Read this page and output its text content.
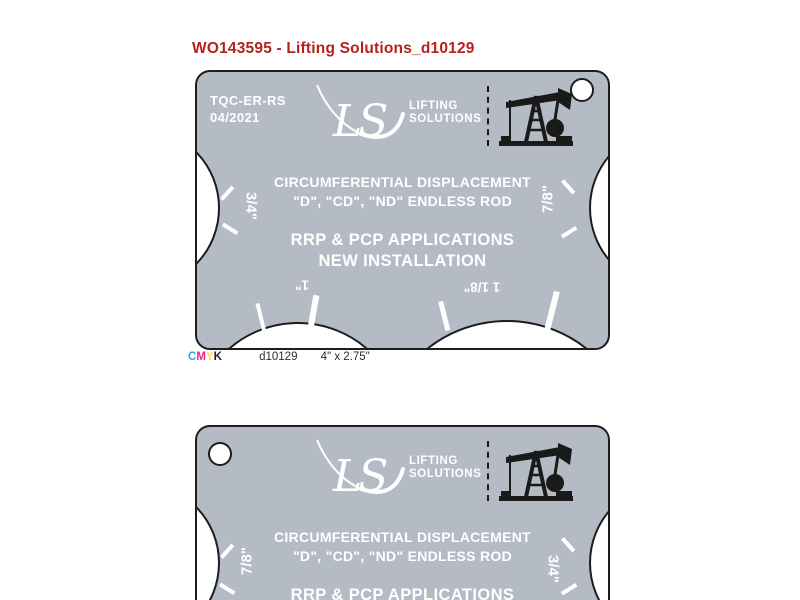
WO143595 - Lifting Solutions_d10129
TQC-ER-RS
04/2021	LS LIFTING
SOLUTIONS
CIRCUMFERENTIAL DISPLACEMENT
"D", "CD", "ND" ENDLESS ROD
RRP & PCP APPLICATIONS
NEW INSTALLATION
3/4"	7/8"
1"	1 1/8"
CMYK	d10129 4" x 2.75"
LS LIFTING
SOLUTIONS
CIRCUMFERENTIAL DISPLACEMENT
"D", "CD", "ND" ENDLESS ROD
RRP & PCP APPLICATIONS
7/8"	3/4"
